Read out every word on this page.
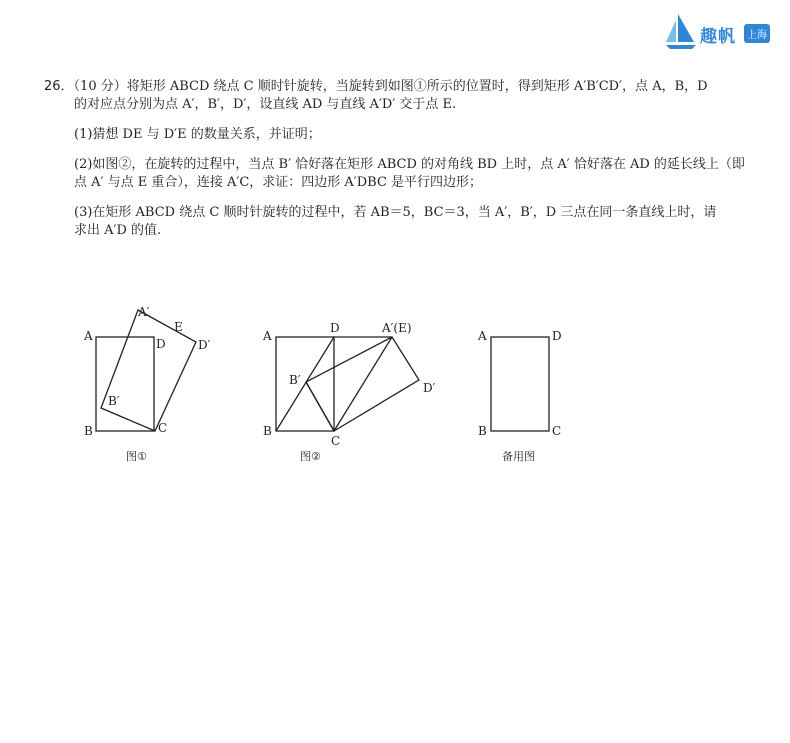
趣帆	上海

26．（10 分）将矩形 ABCD 绕点 C 顺时针旋转，当旋转到如图①所示的位置时，得到矩形 A′B′CD′，点 A，B，D
的对应点分别为点 A′，B′，D′，设直线 AD 与直线 A′D′ 交于点 E.

(1)猜想 DE 与 D′E 的数量关系，并证明；

(2)如图②，在旋转的过程中，当点 B′ 恰好落在矩形 ABCD 的对角线 BD 上时，点 A′ 恰好落在 AD 的延长线上（即
点 A′ 与点 E 重合），连接 A′C，求证：四边形 A′DBC 是平行四边形；

(3)在矩形 ABCD 绕点 C 顺时针旋转的过程中，若 AB＝5，BC＝3，当 A′，B′，D 三点在同一条直线上时，请
求出 A′D 的值.

A
A′
E
D	D′
B′
B	C
图①
A
D	A′(E)
B′
D′
B
C
图②
A	D
B	C
备用图
